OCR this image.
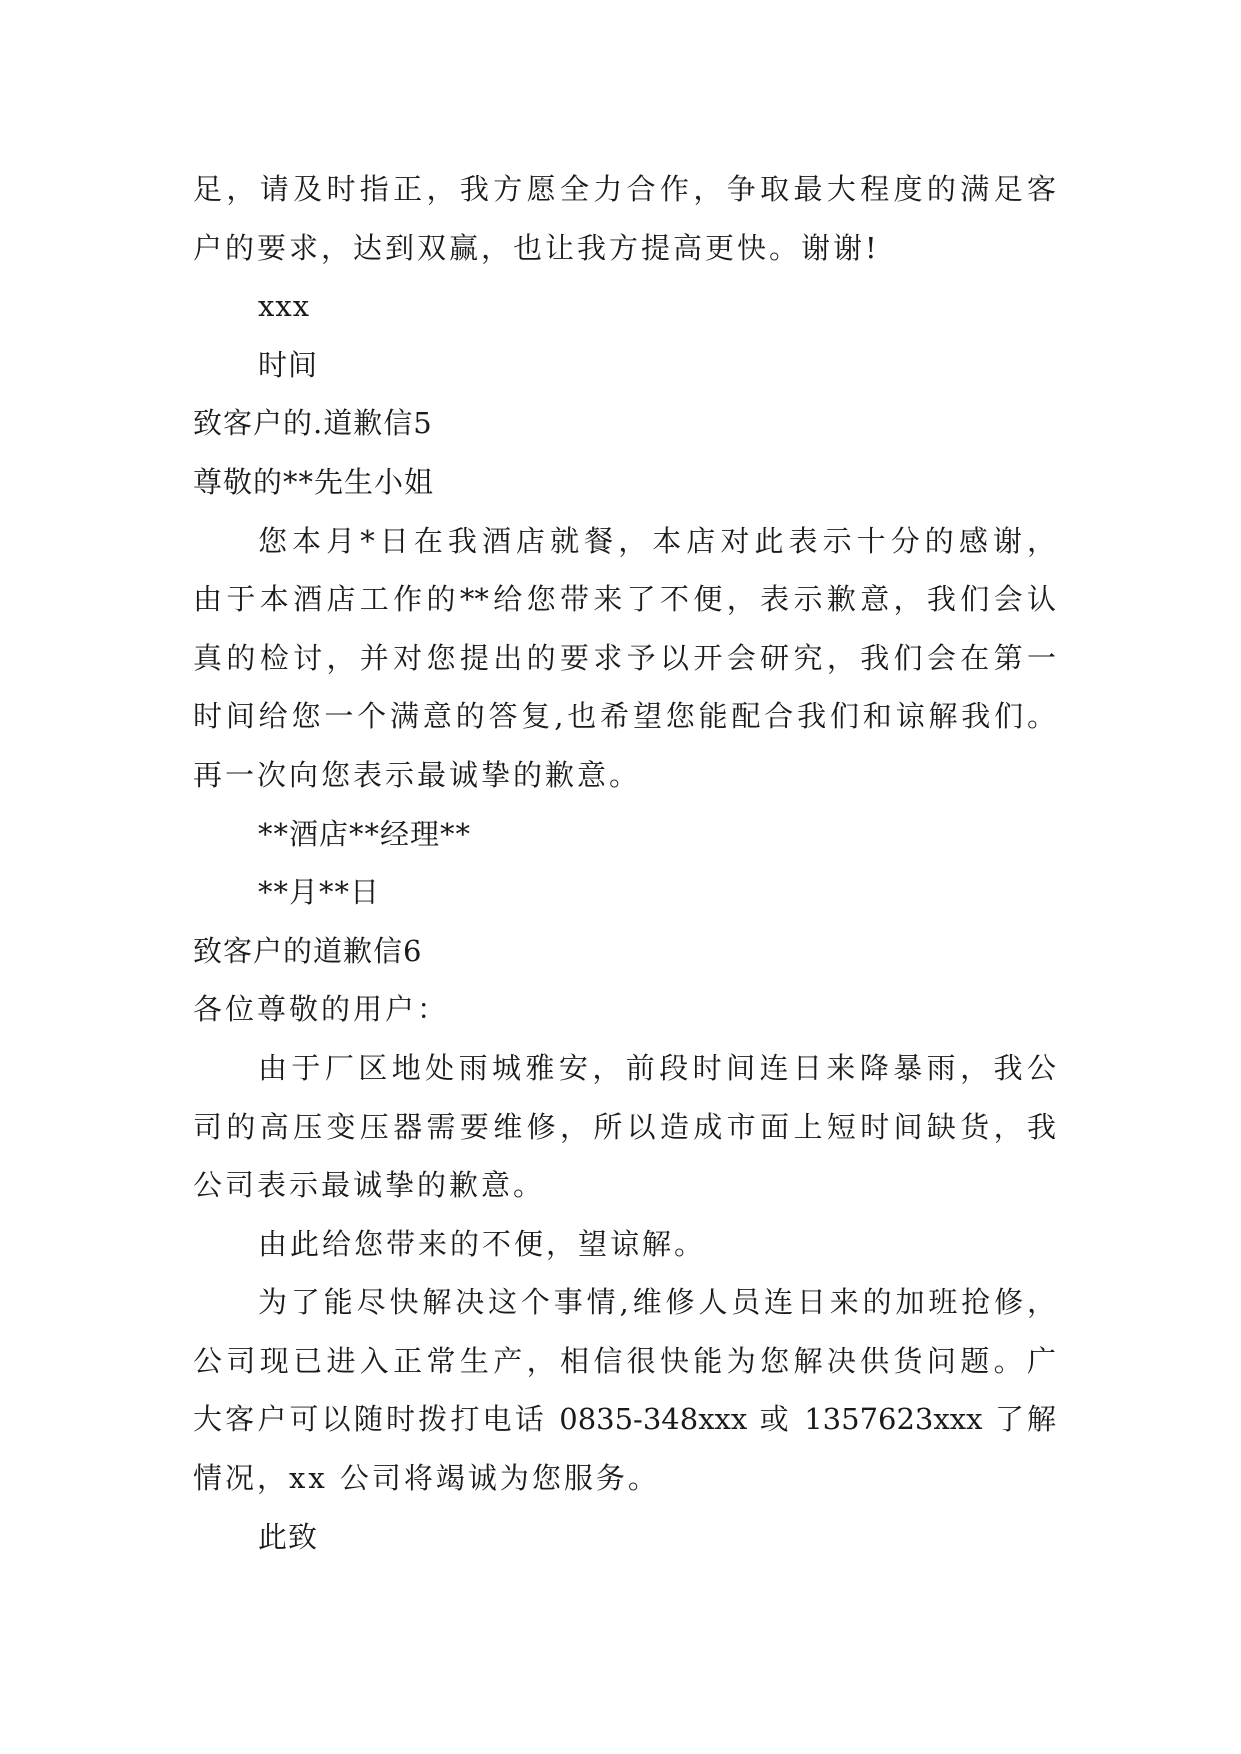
足，请及时指正，我方愿全力合作，争取最大程度的满足客
户的要求，达到双赢，也让我方提高更快。谢谢!
xxx
时间
致客户的.道歉信5
尊敬的**先生小姐
您本月*日在我酒店就餐，本店对此表示十分的感谢，
由于本酒店工作的**给您带来了不便，表示歉意，我们会认
真的检讨，并对您提出的要求予以开会研究，我们会在第一
时间给您一个满意的答复,也希望您能配合我们和谅解我们。
再一次向您表示最诚挚的歉意。
**酒店**经理**
**月**日
致客户的道歉信6
各位尊敬的用户：
由于厂区地处雨城雅安，前段时间连日来降暴雨，我公
司的高压变压器需要维修，所以造成市面上短时间缺货，我
公司表示最诚挚的歉意。
由此给您带来的不便，望谅解。
为了能尽快解决这个事情,维修人员连日来的加班抢修，
公司现已进入正常生产，相信很快能为您解决供货问题。广
大客户可以随时拨打电话 0835-348xxx 或 1357623xxx 了解
情况，xx 公司将竭诚为您服务。
此致
